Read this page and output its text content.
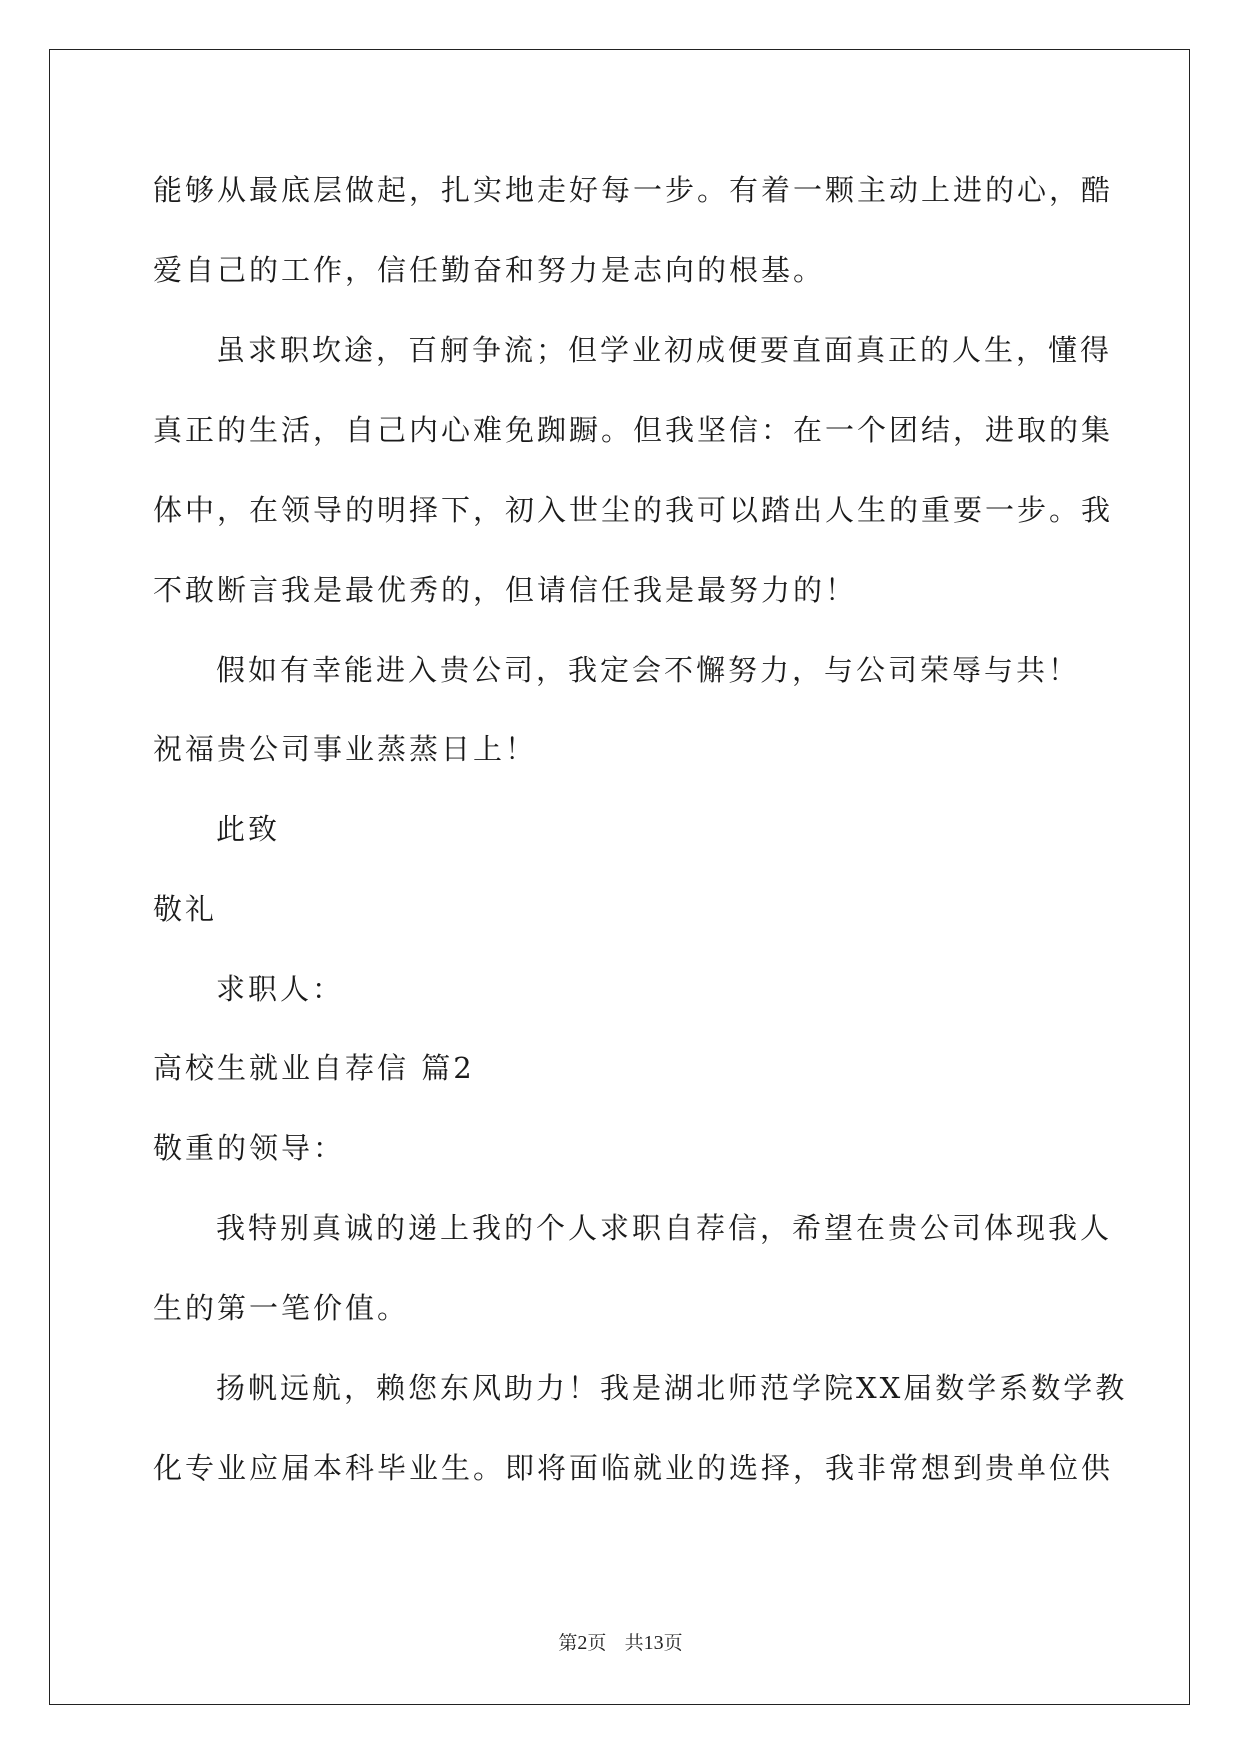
能够从最底层做起，扎实地走好每一步。有着一颗主动上进的心，酷
爱自己的工作，信任勤奋和努力是志向的根基。
虽求职坎途，百舸争流；但学业初成便要直面真正的人生，懂得
真正的生活，自己内心难免踟蹰。但我坚信：在一个团结，进取的集
体中，在领导的明择下，初入世尘的我可以踏出人生的重要一步。我
不敢断言我是最优秀的，但请信任我是最努力的！
假如有幸能进入贵公司，我定会不懈努力，与公司荣辱与共！
祝福贵公司事业蒸蒸日上！
此致
敬礼
求职人：
高校生就业自荐信 篇2
敬重的领导：
我特别真诚的递上我的个人求职自荐信，希望在贵公司体现我人
生的第一笔价值。
扬帆远航，赖您东风助力！我是湖北师范学院XX届数学系数学教
化专业应届本科毕业生。即将面临就业的选择，我非常想到贵单位供
第2页 共13页
